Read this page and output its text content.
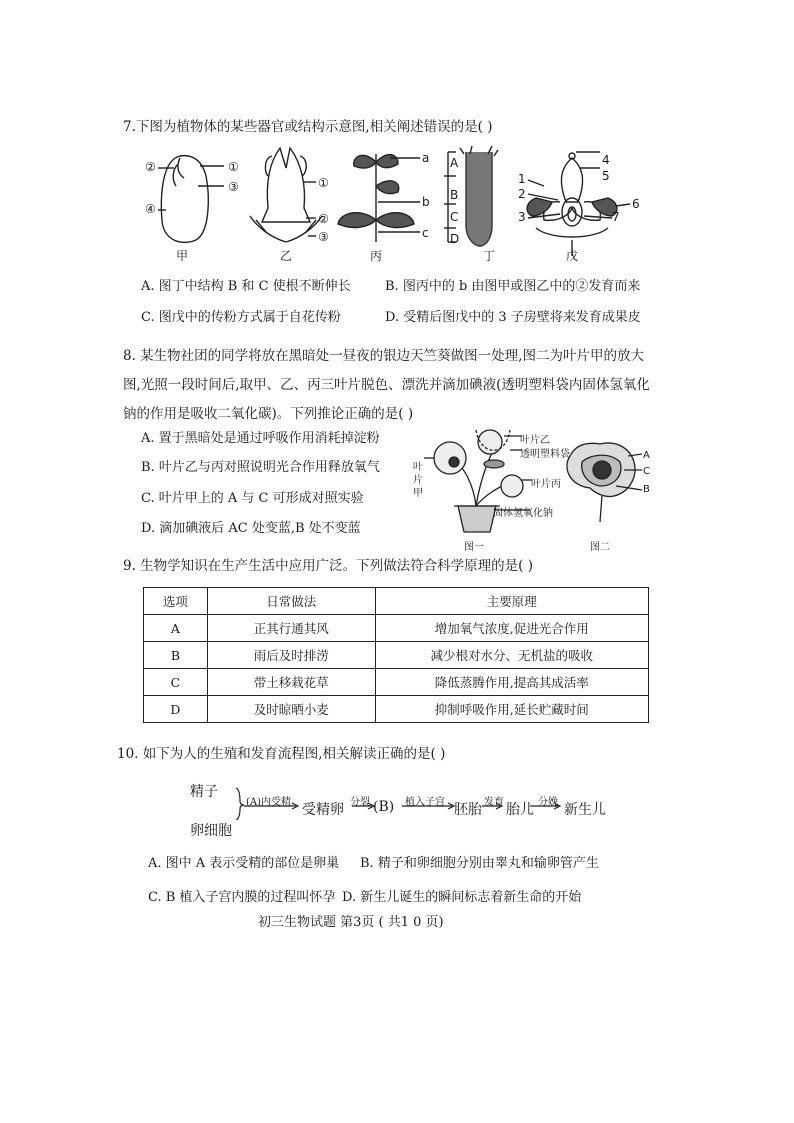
7.下图为植物体的某些器官或结构示意图,相关阐述错误的是( )
②	①
③
④
①
②
③
a
b
c
A
B
C
D
4
5
1
2
3	7
6
甲	乙	丙	丁	戊
A. 图丁中结构 B 和 C 使根不断伸长	B. 图丙中的 b 由图甲或图乙中的②发育而来
C. 图戊中的传粉方式属于自花传粉	D. 受精后图戊中的 3 子房壁将来发育成果皮
8. 某生物社团的同学将放在黑暗处一昼夜的银边天竺葵做图一处理,图二为叶片甲的放大图,光照一段时间后,取甲、乙、丙三叶片脱色、漂洗并滴加碘液(透明塑料袋内固体氢氧化钠的作用是吸收二氧化碳)。下列推论正确的是( )
A. 置于黑暗处是通过呼吸作用消耗掉淀粉
B. 叶片乙与丙对照说明光合作用释放氧气
C. 叶片甲上的 A 与 C 可形成对照实验
D. 滴加碘液后 AC 处变蓝,B 处不变蓝
叶片乙
透明塑料袋
叶片丙
叶
片
甲
固体氢氧化钠
图一	图二
A
C
B
9. 生物学知识在生产生活中应用广泛。下列做法符合科学原理的是( )
选项	日常做法	主要原理
A	正其行通其风	增加氧气浓度,促进光合作用
B	雨后及时排涝	减少根对水分、无机盐的吸收
C	带土移栽花草	降低蒸腾作用,提高其成活率
D	及时晾晒小麦	抑制呼吸作用,延长贮藏时间
10. 如下为人的生殖和发育流程图,相关解读正确的是( )
精子
卵细胞
(A)内受精 受精卵 分裂 (B) 植入子宫 胚胎 发育 胎儿 分娩 新生儿
A. 图中 A 表示受精的部位是卵巢 B. 精子和卵细胞分别由睾丸和输卵管产生
C. B 植入子宫内膜的过程叫怀孕 D. 新生儿诞生的瞬间标志着新生命的开始
初三生物试题 第3页 ( 共1 0 页)
